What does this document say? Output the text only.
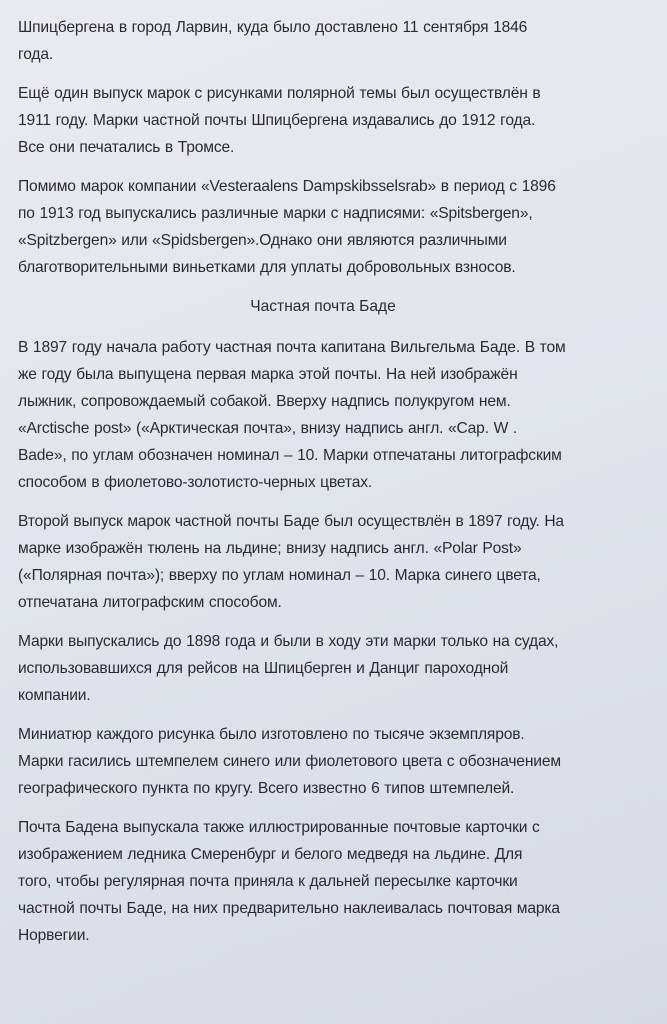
Шпицбергена в город Ларвин, куда было доставлено 11 сентября 1846
года.

Ещё один выпуск марок с рисунками полярной темы был осуществлён в
1911 году. Марки частной почты Шпицбергена издавались до 1912 года.
Все они печатались в Тромсе.

Помимо марок компании «Vesteraalens Dampskibsselsrab» в период с 1896
по 1913 год выпускались различные марки с надписями: «Spitsbergen»,
«Spitzbergen» или «Spidsbergen».Однако они являются различными
благотворительными виньетками для уплаты добровольных взносов.

Частная почта Баде

В 1897 году начала работу частная почта капитана Вильгельма Баде. В том
же году была выпущена первая марка этой почты. На ней изображён
лыжник, сопровождаемый собакой. Вверху надпись полукругом нем.
«Arctische post» («Арктическая почта», внизу надпись англ. «Cap. W .
Bade», по углам обозначен номинал – 10. Марки отпечатаны литографским
способом в фиолетово-золотисто-черных цветах.

Второй выпуск марок частной почты Баде был осуществлён в 1897 году. На
марке изображён тюлень на льдине; внизу надпись англ. «Polar Post»
(«Полярная почта»); вверху по углам номинал – 10. Марка синего цвета,
отпечатана литографским способом.

Марки выпускались до 1898 года и были в ходу эти марки только на судах,
использовавшихся для рейсов на Шпицберген и Данциг пароходной
компании.

Миниатюр каждого рисунка было изготовлено по тысяче экземпляров.
Марки гасились штемпелем синего или фиолетового цвета с обозначением
географического пункта по кругу. Всего известно 6 типов штемпелей.

Почта Бадена выпускала также иллюстрированные почтовые карточки с
изображением ледника Смеренбург и белого медведя на льдине. Для
того, чтобы регулярная почта приняла к дальней пересылке карточки
частной почты Баде, на них предварительно наклеивалась почтовая марка
Норвегии.
